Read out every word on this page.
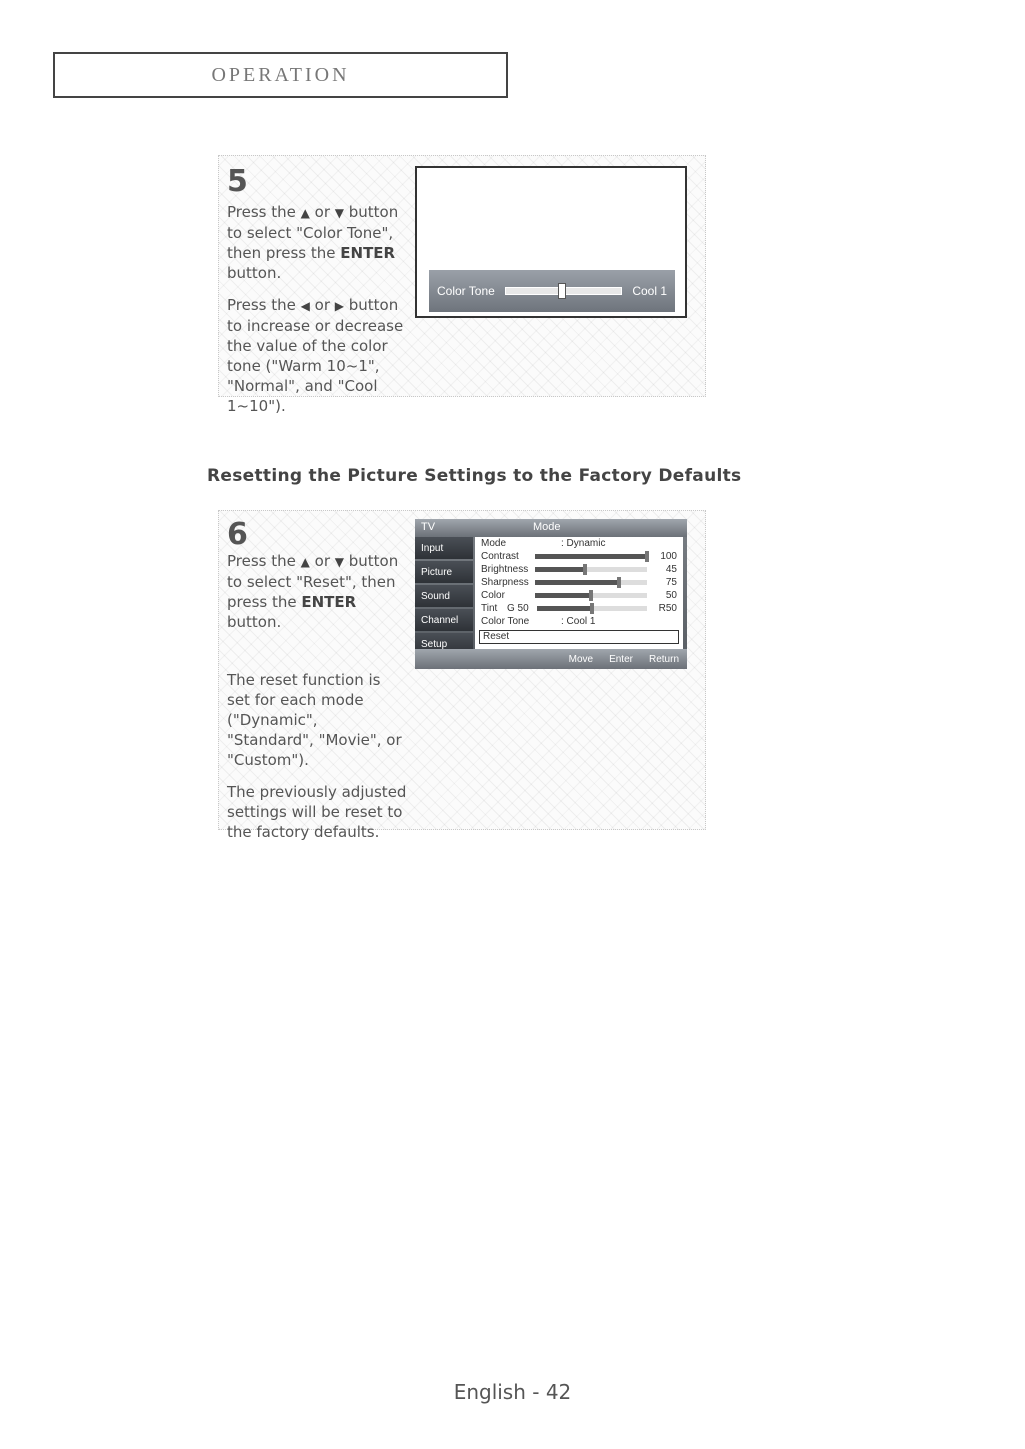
OPERATION
5

Press the ▲ or ▼ button to select "Color Tone", then press the ENTER button.

Press the ◀ or ▶ button to increase or decrease the value of the color tone ("Warm 10~1", "Normal", and "Cool 1~10").

Color Tone	Cool 1
Resetting the Picture Settings to the Factory Defaults
6

Press the ▲ or ▼ button to select "Reset", then press the ENTER button.

The reset function is set for each mode ("Dynamic", "Standard", "Movie", or "Custom").

The previously adjusted settings will be reset to the factory defaults.

TV	Mode
Input
Picture
Sound
Channel
Setup
Mode	: Dynamic
Contrast	100
Brightness	45
Sharpness	75
Color	50
Tint G 50	R50
Color Tone	: Cool 1
Reset
Move Enter Return
English - 42
